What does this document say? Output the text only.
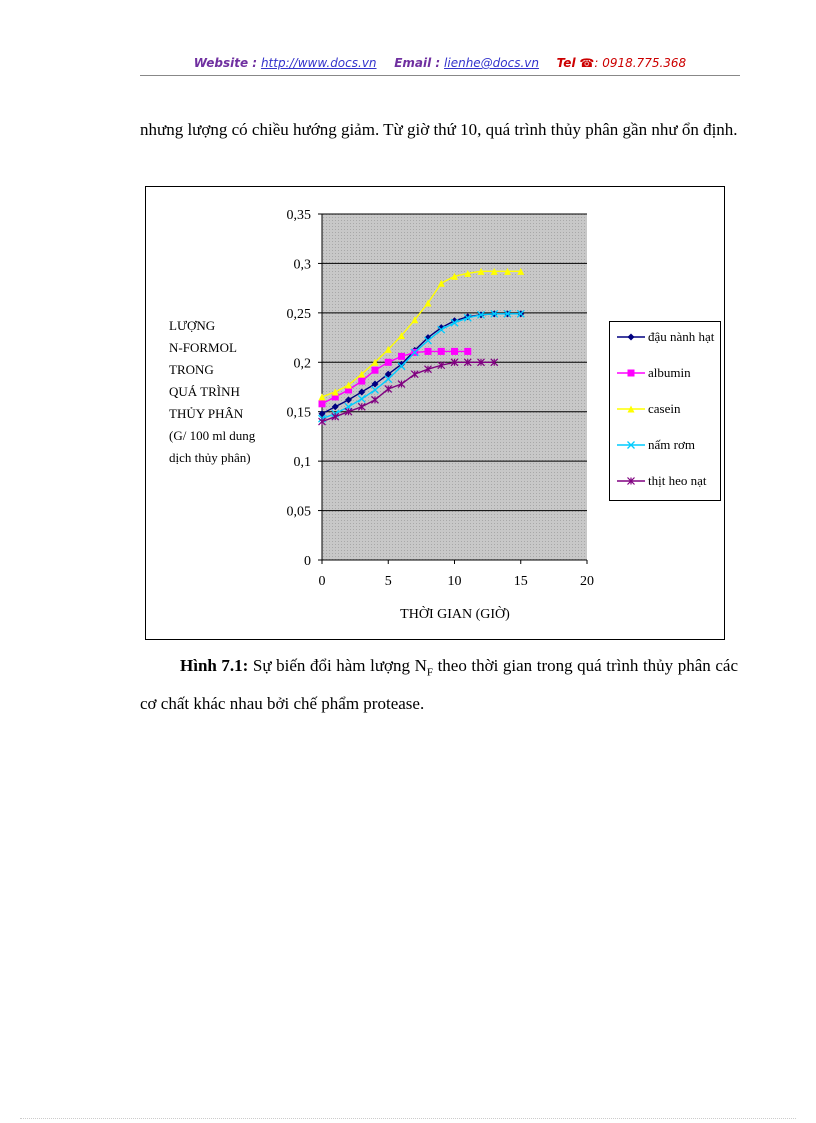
Website : http://www.docs.vn Email : lienhe@docs.vn Tel ☎: 0918.775.368
nhưng lượng có chiều hướng giảm. Từ giờ thứ 10, quá trình thủy phân gần như ổn định.
0
0,05
0,1
0,15
0,2
0,25
0,3
0,35
0	5	10	15	20
THỜI GIAN (GIỜ)
LƯỢNG
N-FORMOL
TRONG
QUÁ TRÌNH
THỦY PHÂN
(G/ 100 ml dung
dịch thủy phân)
đậu nành hạt
albumin
casein
nấm rơm
thịt heo nạt
Hình 7.1: Sự biến đổi hàm lượng $N_F$ theo thời gian trong quá trình thủy phân các cơ chất khác nhau bởi chế phẩm protease.
